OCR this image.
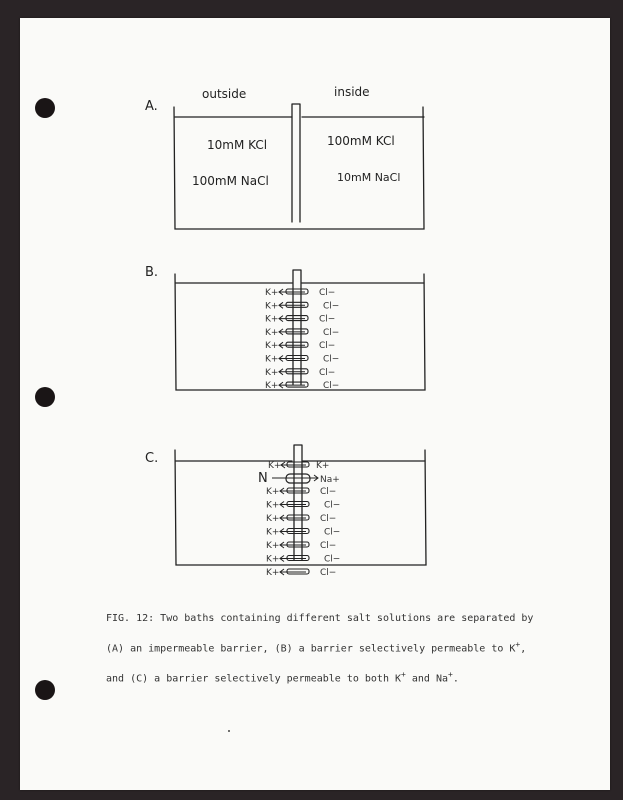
K+	Cl−
K+	Cl−
K+	Cl−
K+	Cl−
K+	Cl−
K+	Cl−
K+	Cl−
K+	Cl−
K+	Cl−
K+	Cl−
K+	Cl−
K+	Cl−
K+	Cl−
K+	Cl−
K+	Cl−
K+	K+
A.
outside	inside
10mM KCl
100mM NaCl
100mM KCl
10mM NaCl
B.
C.
N	Na+

FIG. 12: Two baths containing different salt solutions are separated by

(A) an impermeable barrier, (B) a barrier selectively permeable to K+,

and (C) a barrier selectively permeable to both K+ and Na+.
